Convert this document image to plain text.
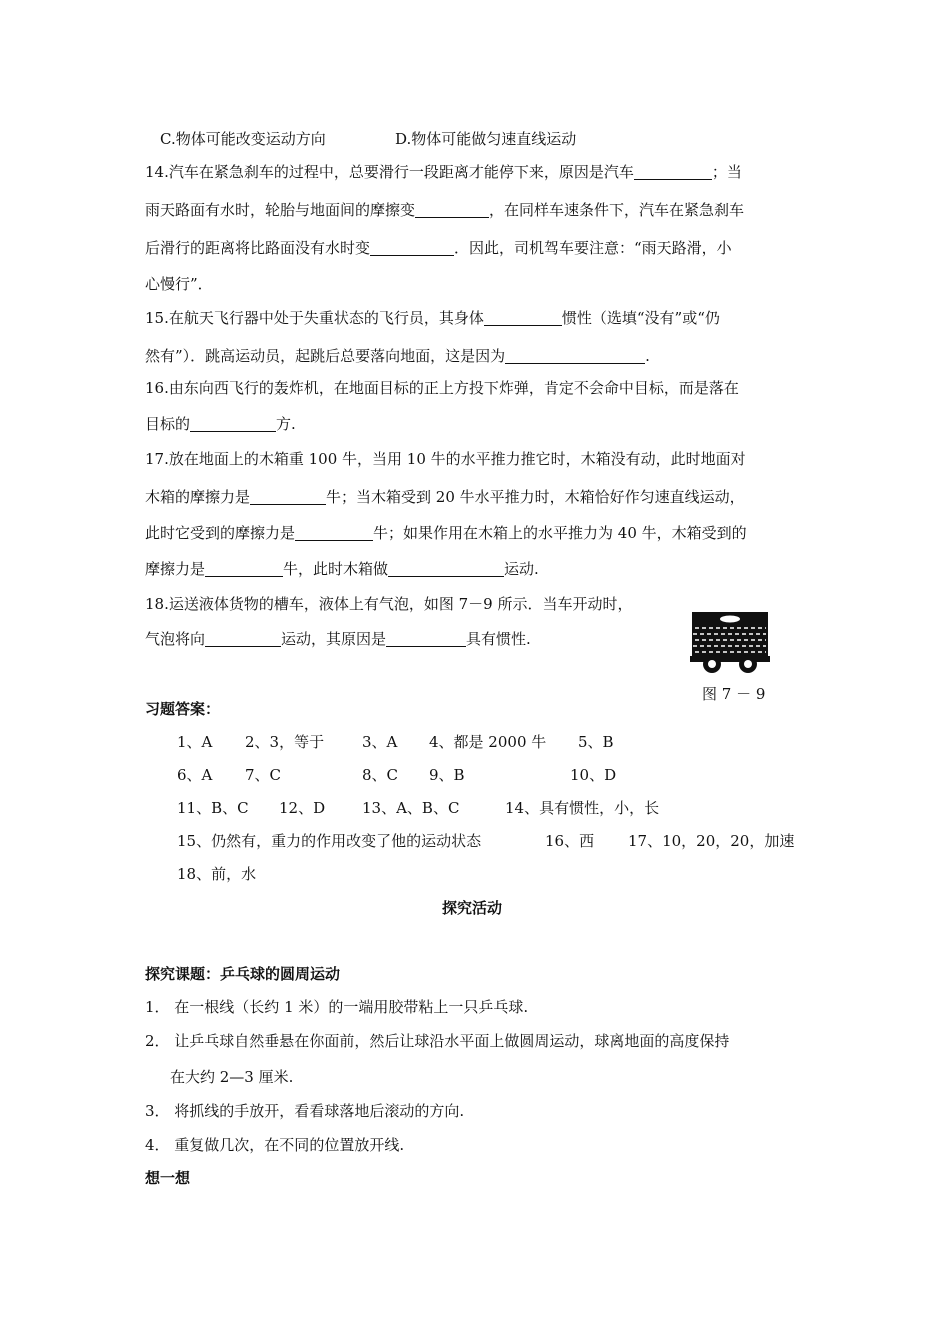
C.物体可能改变运动方向	D.物体可能做匀速直线运动
14.汽车在紧急刹车的过程中，总要滑行一段距离才能停下来，原因是汽车	；当
雨天路面有水时，轮胎与地面间的摩擦变	，在同样车速条件下，汽车在紧急刹车
后滑行的距离将比路面没有水时变	．因此，司机驾车要注意：“雨天路滑，小
心慢行”．
15.在航天飞行器中处于失重状态的飞行员，其身体	惯性（选填“没有”或“仍
然有”）．跳高运动员，起跳后总要落向地面，这是因为	.
16.由东向西飞行的轰炸机，在地面目标的正上方投下炸弹，肯定不会命中目标，而是落在
目标的	方.
17.放在地面上的木箱重 100 牛，当用 10 牛的水平推力推它时，木箱没有动，此时地面对
木箱的摩擦力是	牛；当木箱受到 20 牛水平推力时，木箱恰好作匀速直线运动，
此时它受到的摩擦力是	牛；如果作用在木箱上的水平推力为 40 牛，木箱受到的
摩擦力是	牛，此时木箱做	运动.
18.运送液体货物的槽车，液体上有气泡，如图 7－9 所示．当车开动时，
气泡将向	运动，其原因是	具有惯性.
图 7 － 9
习题答案：
1、A 2、3，等于	3、A 4、都是 2000 牛 5、B
6、A 7、C	8、C 9、B	10、D
11、B、C 12、D 13、A、B、C	14、具有惯性，小，长
15、仍然有，重力的作用改变了他的运动状态	16、西 17、10，20，20，加速
18、前，水
探究活动
探究课题：乒乓球的圆周运动
1． 在一根线（长约 1 米）的一端用胶带粘上一只乒乓球.
2． 让乒乓球自然垂悬在你面前，然后让球沿水平面上做圆周运动，球离地面的高度保持
在大约 2—3 厘米.
3． 将抓线的手放开，看看球落地后滚动的方向.
4． 重复做几次，在不同的位置放开线.
想一想
